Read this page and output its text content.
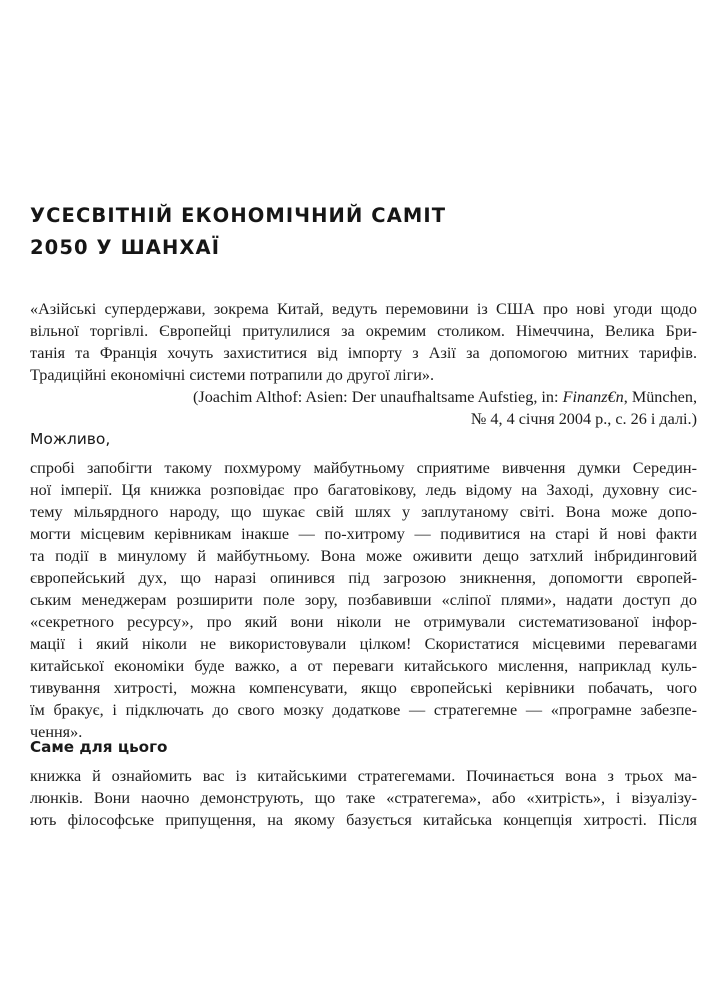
УСЕСВІТНІЙ ЕКОНОМІЧНИЙ САМІТ
2050 У ШАНХАЇ
«Азійські супердержави, зокрема Китай, ведуть перемовини із США про нові угоди щодо
вільної торгівлі. Європейці притулилися за окремим столиком. Німеччина, Велика Бри-
танія та Франція хочуть захиститися від імпорту з Азії за допомогою митних тарифів.
Традиційні економічні системи потрапили до другої ліги».
(Joachim Althof: Asien: Der unaufhaltsame Aufstieg, in: Finanz€n, München,
№ 4, 4 січня 2004 р., с. 26 і далі.)
Можливо,
спробі запобігти такому похмурому майбутньому сприятиме вивчення думки Середин-
ної імперії. Ця книжка розповідає про багатовікову, ледь відому на Заході, духовну сис-
тему мільярдного народу, що шукає свій шлях у заплутаному світі. Вона може допо-
могти місцевим керівникам інакше — по-хитрому — подивитися на старі й нові факти
та події в минулому й майбутньому. Вона може оживити дещо затхлий інбридинговий
європейський дух, що наразі опинився під загрозою зникнення, допомогти європей-
ським менеджерам розширити поле зору, позбавивши «сліпої плями», надати доступ до
«секретного ресурсу», про який вони ніколи не отримували систематизованої інфор-
мації і який ніколи не використовували цілком! Скористатися місцевими перевагами
китайської економіки буде важко, а от переваги китайського мислення, наприклад куль-
тивування хитрості, можна компенсувати, якщо європейські керівники побачать, чого
їм бракує, і підключать до свого мозку додаткове — стратегемне — «програмне забезпе-
чення».
Саме для цього
книжка й ознайомить вас із китайськими стратегемами. Починається вона з трьох ма-
люнків. Вони наочно демонструють, що таке «стратегема», або «хитрість», і візуалізу-
ють філософське припущення, на якому базується китайська концепція хитрості. Після
